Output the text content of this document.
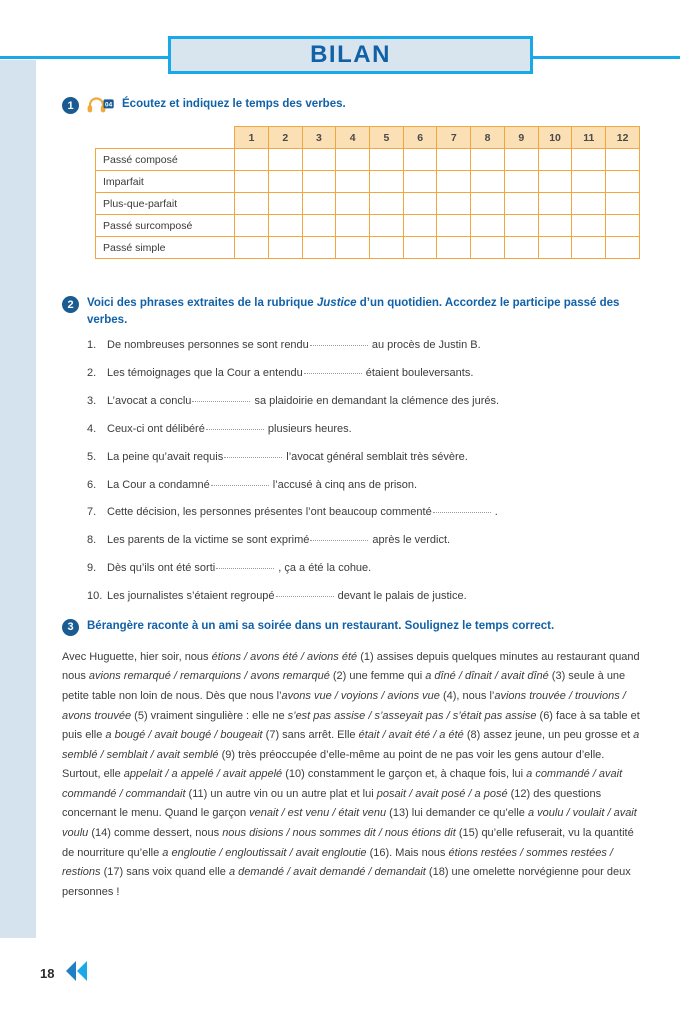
BILAN
1	04 Écoutez et indiquez le temps des verbes.
	1	2	3	4	5	6	7	8	9	10	11	12
Passé composé												
Imparfait												
Plus-que-parfait												
Passé surcomposé												
Passé simple												
2	Voici des phrases extraites de la rubrique Justice d’un quotidien. Accordez le participe passé des verbes.
1. De nombreuses personnes se sont rendu	au procès de Justin B.
2. Les témoignages que la Cour a entendu	étaient bouleversants.
3. L’avocat a conclu	sa plaidoirie en demandant la clémence des jurés.
4. Ceux-ci ont délibéré	plusieurs heures.
5. La peine qu’avait requis	l’avocat général semblait très sévère.
6. La Cour a condamné	l’accusé à cinq ans de prison.
7. Cette décision, les personnes présentes l’ont beaucoup commenté	.
8. Les parents de la victime se sont exprimé	après le verdict.
9. Dès qu’ils ont été sorti	, ça a été la cohue.
10. Les journalistes s’étaient regroupé	devant le palais de justice.
3	Bérangère raconte à un ami sa soirée dans un restaurant. Soulignez le temps correct.

Avec Huguette, hier soir, nous étions / avons été / avions été (1) assises depuis quelques minutes au restaurant quand nous avions remarqué / remarquions / avons remarqué (2) une femme qui a dîné / dînait / avait dîné (3) seule à une petite table non loin de nous. Dès que nous l’avons vue / voyions / avions vue (4), nous l’avions trouvée / trouvions / avons trouvée (5) vraiment singulière : elle ne s’est pas assise / s’asseyait pas / s’était pas assise (6) face à sa table et puis elle a bougé / avait bougé / bougeait (7) sans arrêt. Elle était / avait été / a été (8) assez jeune, un peu grosse et a semblé / semblait / avait semblé (9) très préoccupée d’elle-même au point de ne pas voir les gens autour d’elle. Surtout, elle appelait / a appelé / avait appelé (10) constamment le garçon et, à chaque fois, lui a commandé / avait commandé / commandait (11) un autre vin ou un autre plat et lui posait / avait posé / a posé (12) des questions concernant le menu. Quand le garçon venait / est venu / était venu (13) lui demander ce qu’elle a voulu / voulait / avait voulu (14) comme dessert, nous nous disions / nous sommes dit / nous étions dit (15) qu’elle refuserait, vu la quantité de nourriture qu’elle a engloutie / engloutissait / avait engloutie (16). Mais nous étions restées / sommes restées / restions (17) sans voix quand elle a demandé / avait demandé / demandait (18) une omelette norvégienne pour deux personnes !

18
